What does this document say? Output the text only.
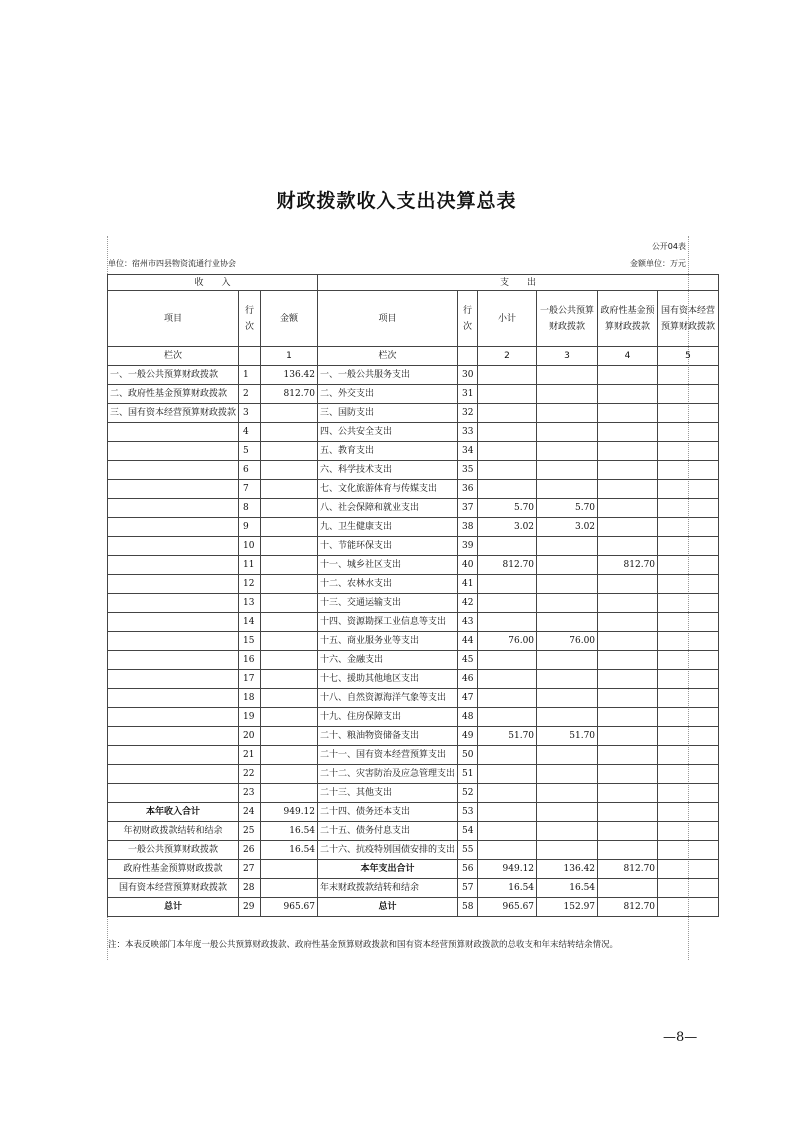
财政拨款收入支出决算总表
公开04表
单位：宿州市四县物资流通行业协会	金额单位：万元
收　　入			支　　出					
项目	行次	金额	项目	行次	小计	一般公共预算财政拨款	政府性基金预算财政拨款	国有资本经营预算财政拨款
栏次		1	栏次		2	3	4	5
一、一般公共预算财政拨款	1	136.42	一、一般公共服务支出	30				
二、政府性基金预算财政拨款	2	812.70	二、外交支出	31				
三、国有资本经营预算财政拨款	3		三、国防支出	32				
	4		四、公共安全支出	33				
	5		五、教育支出	34				
	6		六、科学技术支出	35				
	7		七、文化旅游体育与传媒支出	36				
	8		八、社会保障和就业支出	37	5.70	5.70		
	9		九、卫生健康支出	38	3.02	3.02		
	10		十、节能环保支出	39				
	11		十一、城乡社区支出	40	812.70		812.70	
	12		十二、农林水支出	41				
	13		十三、交通运输支出	42				
	14		十四、资源勘探工业信息等支出	43				
	15		十五、商业服务业等支出	44	76.00	76.00		
	16		十六、金融支出	45				
	17		十七、援助其他地区支出	46				
	18		十八、自然资源海洋气象等支出	47				
	19		十九、住房保障支出	48				
	20		二十、粮油物资储备支出	49	51.70	51.70		
	21		二十一、国有资本经营预算支出	50				
	22		二十二、灾害防治及应急管理支出	51				
	23		二十三、其他支出	52				
本年收入合计	24	949.12	二十四、债务还本支出	53				
年初财政拨款结转和结余	25	16.54	二十五、债务付息支出	54				
一般公共预算财政拨款	26	16.54	二十六、抗疫特别国债安排的支出	55				
政府性基金预算财政拨款	27		本年支出合计	56	949.12	136.42	812.70	
国有资本经营预算财政拨款	28		年末财政拨款结转和结余	57	16.54	16.54		
总计	29	965.67	总计	58	965.67	152.97	812.70	
注：本表反映部门本年度一般公共预算财政拨款、政府性基金预算财政拨款和国有资本经营预算财政拨款的总收支和年末结转结余情况。
—8—
